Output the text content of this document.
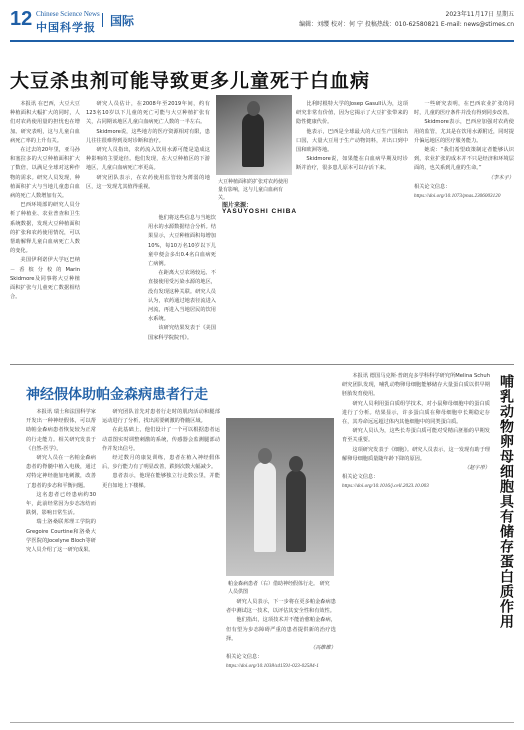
12 Chinese Science News
中国科学报 国际	2023年11月17日 星期五
编辑：刘缨 校对：何 宁 投稿热线：010-62580821 E-mail: news@stimes.cn
大豆杀虫剂可能导致更多儿童死于白血病

本报讯 在巴西，大豆大豆种植面积大幅扩大的同时，人们对农药使用量的担忧也在增加。研究表明，这与儿童白血病死亡率的上升有关。

在过去的20年里，亚马孙和塞拉多的大豆种植面积扩大了数倍，以满足全球对这种作物的需求。研究人员发现，种植面积扩大与当地儿童患白血病的死亡人数增加有关。

巴西环境部的研究人员分析了种植业、农业普查和卫生系统数据，发现大豆种植面积的扩张和农药使用情况，可以帮助解释儿童白血病死亡人数的变化。

美国伊利诺伊大学厄巴纳－香槟分校的Marin Skidmore及同事将大豆种植面积扩张与儿童死亡数据相结合。

研究人员估计，在2008年至2019年间，约有123名10岁以下儿童的死亡可能与大豆种植扩张有关，占同期该地区儿童白血病死亡人数的一半左右。

Skidmore说，这些地方的医疗资源相对有限，患儿往往很难得到及时诊断和治疗。

研究人员指出，农药流入饮用水源可能是造成这种影响的主要途径。他们发现，在大豆种植区的下游地区，儿童白血病死亡率更高。

研究团队表示，在农药使用监管较为薄弱的地区，这一发现尤其值得重视。

他们将这些信息与当地饮用水的水源数据结合分析。结果显示，大豆种植面积每增加10%，每10万名10岁以下儿童中便会多出0.4名白血病死亡病例。

在距离大豆农场较远、不直接使用受污染水源的地区，没有发现这种关联。研究人员认为，农药通过地表径流进入河流，再进入当地居民的饮用水系统。

该研究结果发表于《美国国家科学院院刊》。

大豆种植面积的扩张对农药使用量有影响，这与儿童白血病有关。
图片来源：
YASUYOSHI CHIBA

比利时根特大学的Josep Gasull认为，这项研究非常有价值，因为它揭示了大豆扩张带来的隐性健康代价。

他表示，巴西是全球最大的大豆生产国和出口国，大量大豆用于生产动物饲料，并出口到中国和欧洲等地。

Skidmore说，如果能在白血病早期及时诊断并治疗，很多患儿原本可以存活下来。

一些研究表明，在巴西农业扩张的同时，儿童的医疗条件并没有得到同步改善。

Skidmore表示，巴西应加强对农药使用的监管，尤其是在饮用水源附近，同时提升偏远地区的医疗服务能力。

她说：“我们希望政策制定者能够认识到，农业扩张的成本并不只是经济和环境层面的，也关系到儿童的生命。”

（李木子）
相关论文信息：
https://doi.org/10.1073/pnas.2306003120
神经假体助帕金森病患者行走

本报讯 瑞士和法国科学家开发出一种神经假体，可以帮助帕金森病患者恢复较为正常的行走能力。相关研究发表于《自然-医学》。

研究人员在一名帕金森病患者的脊髓中植入电极，通过对特定神经施加电刺激，改善了患者的步态和平衡问题。

这名患者已经患病约30年，此前经常因为步态冻结而跌倒，影响日常生活。

瑞士洛桑联邦理工学院的Gregoire Courtine和洛桑大学医院的Jocelyne Bloch等研究人员介绍了这一研究成果。

研究团队首先对患者行走时的肌肉活动和腿部运动进行了分析，找出需要刺激的脊髓区域。

在此基础上，他们设计了一个可以根据患者运动意图实时调整刺激的系统，传感器会监测腿部动作并发出信号。

经过数月的康复训练，患者在植入神经假体后，步行能力有了明显改善，跌倒次数大幅减少。

患者表示，他现在能够独立行走数公里，并能更自如地上下楼梯。

帕金森病患者（右）借助神经假体行走。 研究人员供图

研究人员表示，下一步将在更多帕金森病患者中测试这一技术，以评估其安全性和有效性。

他们指出，这项技术并不能治愈帕金森病，但有望为步态障碍严重的患者提供新的治疗选择。

（冯维维）
相关论文信息：
https://doi.org/10.1038/s41591-023-02584-1

本报讯 德国马克斯·普朗克多学科科学研究所Melina Schuh研究团队发现，哺乳动物卵母细胞能够储存大量蛋白质以供早期胚胎发育使用。

研究人员利用蛋白质组学技术，对小鼠卵母细胞中的蛋白质进行了分析。结果显示，许多蛋白质在卵母细胞中长期稳定存在，其寿命远远超过体内其他细胞中的同类蛋白质。

研究人员认为，这些长寿蛋白质可能对受精后胚胎的早期发育至关重要。

这项研究发表于《细胞》。研究人员表示，这一发现有助于理解卵母细胞质量随年龄下降的原因。

（赵宇彤）
相关论文信息：
https://doi.org/10.1016/j.cell.2023.10.003	哺乳动物卵母细胞具有储存蛋白质作用
